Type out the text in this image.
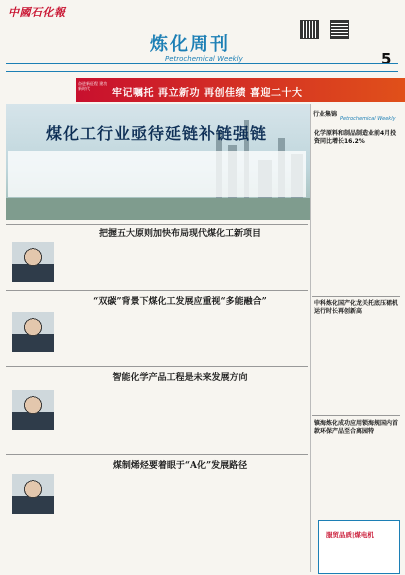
中國石化報
炼化周刊
Petrochemical Weekly	5
奋进新征程 建功新时代	牢记嘱托 再立新功 再创佳绩 喜迎二十大
煤化工行业亟待延链补链强链
行业集锦
Petrochemical Weekly
化学原料和制品制造业前4月投资同比增长16.2%
中科炼化国产化龙关托底压裙机运行时长再创新高
镇海炼化成功应用锁海规国内首款环保产品至合离园特
把握五大原则加快布局现代煤化工新项目
“双碳”背景下煤化工发展应重视“多能融合”
智能化学产品工程是未来发展方向
煤制烯烃要着眼于“A化”发展路径
服贸品质|煤电机
